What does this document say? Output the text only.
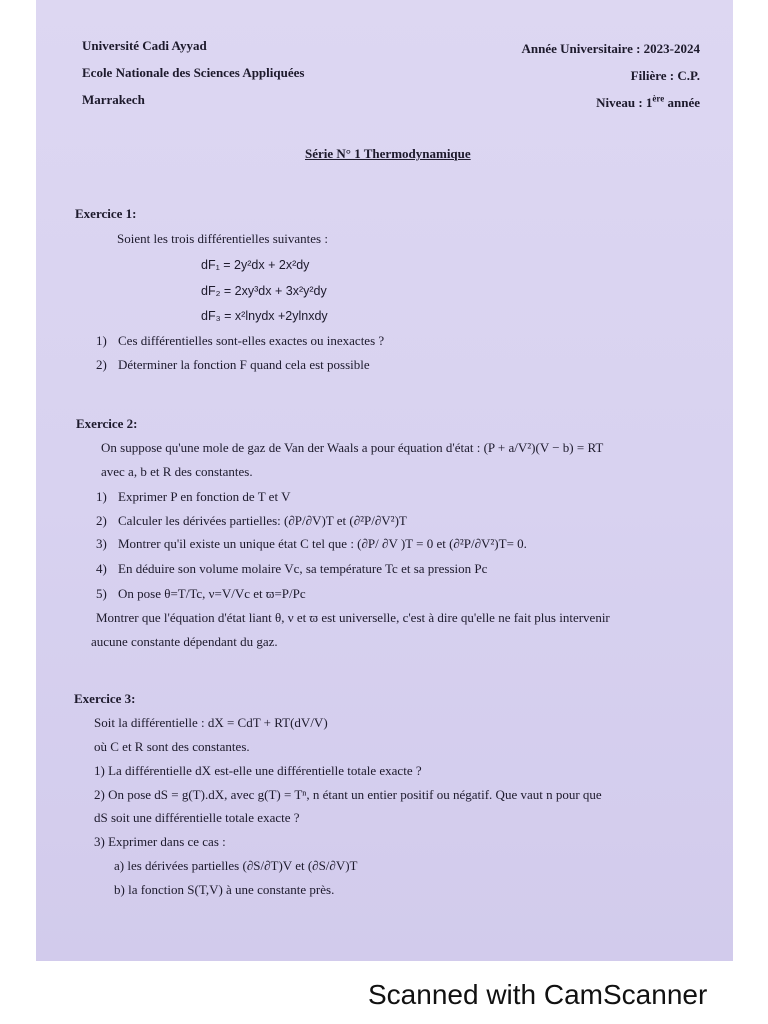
Université Cadi Ayyad
Ecole Nationale des Sciences Appliquées
Marrakech
Année Universitaire : 2023-2024
Filière : C.P.
Niveau : 1ère année
Série N° 1 Thermodynamique
Exercice 1:
Soient les trois différentielles suivantes :
dF₁ = 2y²dx + 2x²dy
dF₂ = 2xy³dx + 3x²y²dy
dF₃ = x²lnydx +2ylnxdy
1) Ces différentielles sont-elles exactes ou inexactes ?
2) Déterminer la fonction F quand cela est possible
Exercice 2:
On suppose qu'une mole de gaz de Van der Waals a pour équation d'état : (P + a/V²)(V − b) = RT
avec a, b et R des constantes.
1) Exprimer P en fonction de T et V
2) Calculer les dérivées partielles: (∂P/∂V)T et (∂²P/∂V²)T
3) Montrer qu'il existe un unique état C tel que : (∂P/ ∂V )T = 0 et (∂²P/∂V²)T= 0.
4) En déduire son volume molaire Vc, sa température Tc et sa pression Pc
5) On pose θ=T/Tc, ν=V/Vc et ϖ=P/Pc
Montrer que l'équation d'état liant θ, ν et ϖ est universelle, c'est à dire qu'elle ne fait plus intervenir
aucune constante dépendant du gaz.
Exercice 3:
Soit la différentielle : dX = CdT + RT(dV/V)
où C et R sont des constantes.
1) La différentielle dX est-elle une différentielle totale exacte ?
2) On pose dS = g(T).dX, avec g(T) = Tⁿ, n étant un entier positif ou négatif. Que vaut n pour que
dS soit une différentielle totale exacte ?
3) Exprimer dans ce cas :
a) les dérivées partielles (∂S/∂T)V et (∂S/∂V)T
b) la fonction S(T,V) à une constante près.
Scanned with CamScanner
